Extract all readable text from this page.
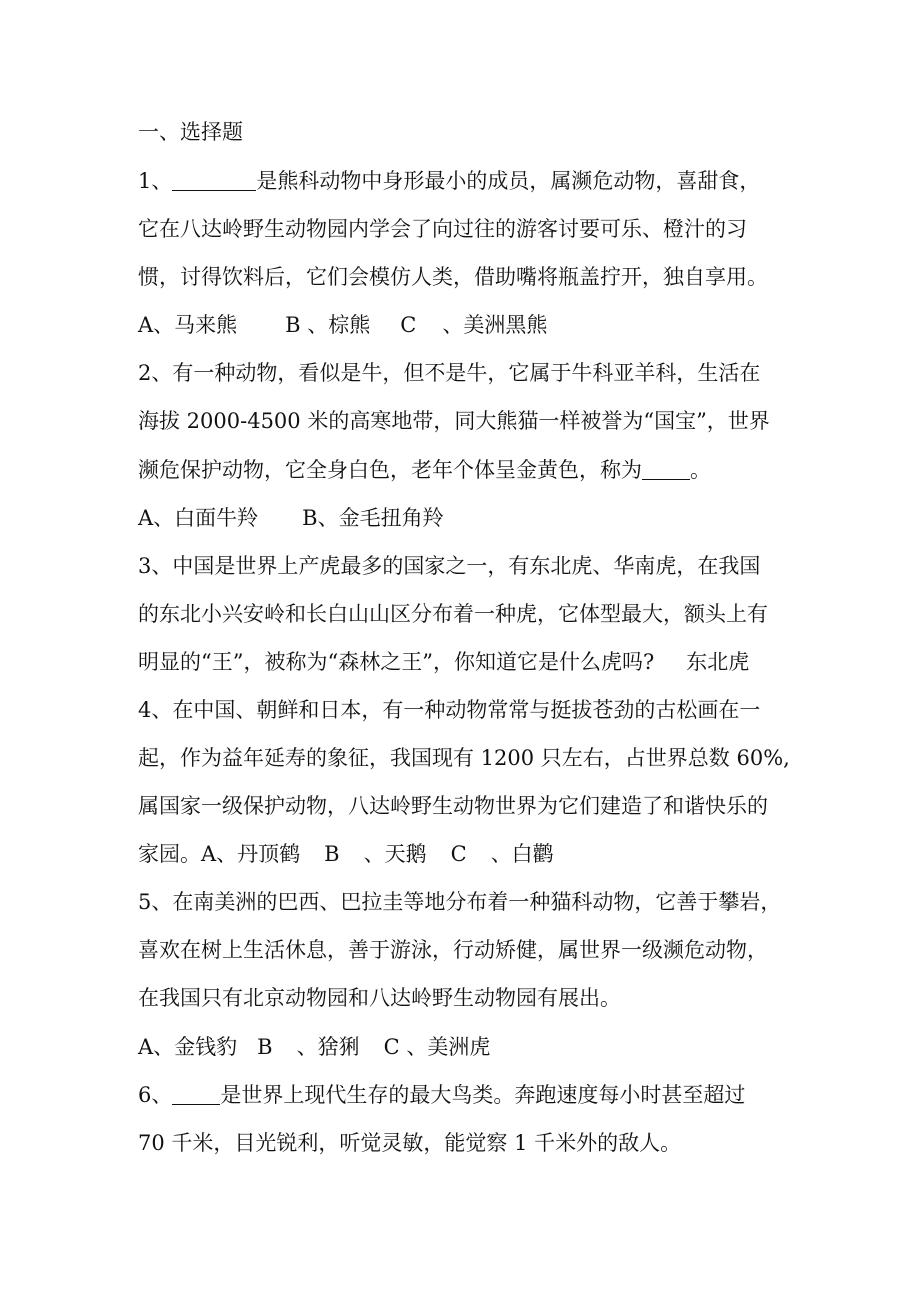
一、选择题
1、	是熊科动物中身形最小的成员，属濒危动物，喜甜食，
它在八达岭野生动物园内学会了向过往的游客讨要可乐、橙汁的习
惯，讨得饮料后，它们会模仿人类，借助嘴将瓶盖拧开，独自享用。
A、马来熊 B 、棕熊 C 、美洲黑熊
2、有一种动物，看似是牛，但不是牛，它属于牛科亚羊科，生活在
海拔 2000-4500 米的高寒地带，同大熊猫一样被誉为“国宝”，世界
濒危保护动物，它全身白色，老年个体呈金黄色，称为 。
A、白面牛羚 B、金毛扭角羚
3、中国是世界上产虎最多的国家之一，有东北虎、华南虎，在我国
的东北小兴安岭和长白山山区分布着一种虎，它体型最大，额头上有
明显的“王”，被称为“森林之王”，你知道它是什么虎吗? 东北虎
4、在中国、朝鲜和日本，有一种动物常常与挺拔苍劲的古松画在一
起，作为益年延寿的象征，我国现有 1200 只左右，占世界总数 60%,
属国家一级保护动物，八达岭野生动物世界为它们建造了和谐快乐的
家园。A、丹顶鹤 B 、天鹅 C 、白鹳
5、在南美洲的巴西、巴拉圭等地分布着一种猫科动物，它善于攀岩，
喜欢在树上生活休息，善于游泳，行动矫健，属世界一级濒危动物，
在我国只有北京动物园和八达岭野生动物园有展出。
A、金钱豹 B 、猞猁 C 、美洲虎
6、 是世界上现代生存的最大鸟类。奔跑速度每小时甚至超过
70 千米，目光锐利，听觉灵敏，能觉察 1 千米外的敌人。
